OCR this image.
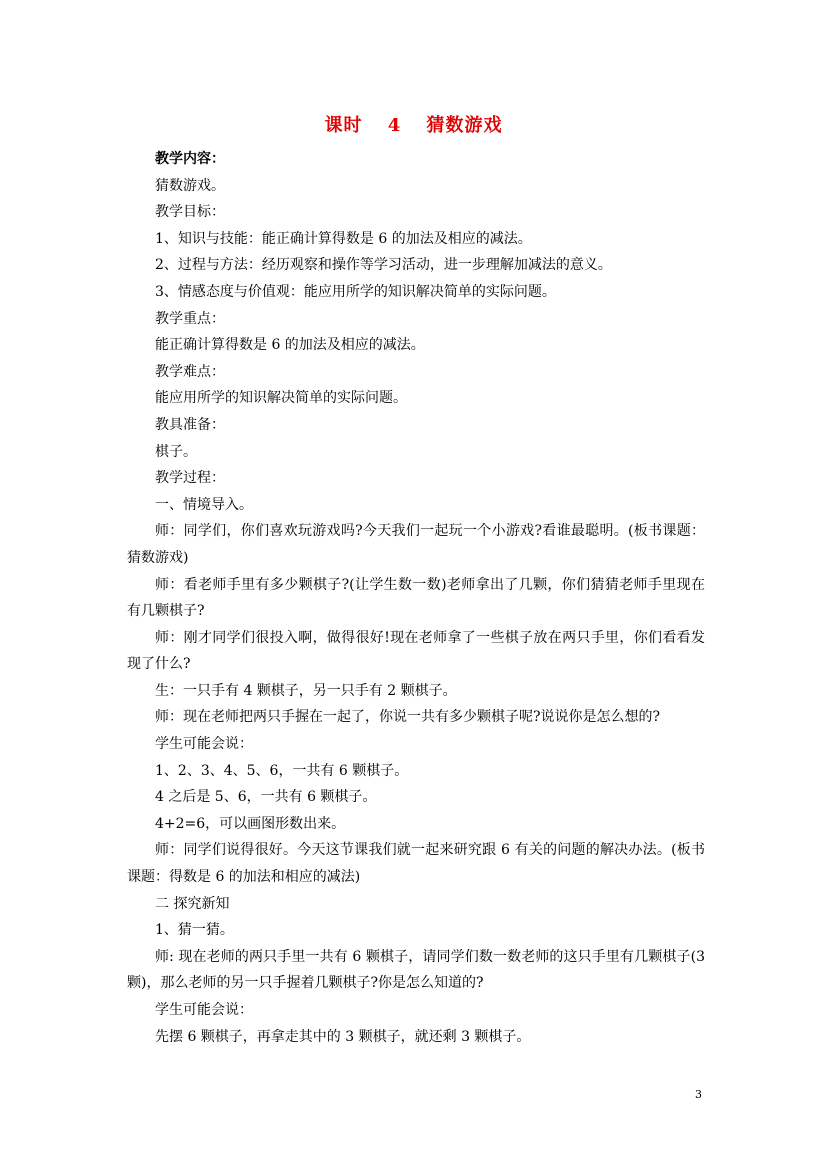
课时 4 猜数游戏

教学内容：

猜数游戏。

教学目标：

1、知识与技能：能正确计算得数是 6 的加法及相应的减法。

2、过程与方法：经历观察和操作等学习活动，进一步理解加减法的意义。

3、情感态度与价值观：能应用所学的知识解决简单的实际问题。

教学重点：

能正确计算得数是 6 的加法及相应的减法。

教学难点：

能应用所学的知识解决简单的实际问题。

教具准备：

棋子。

教学过程：

一、情境导入。

师：同学们，你们喜欢玩游戏吗?今天我们一起玩一个小游戏?看谁最聪明。(板书课题：猜数游戏)

师：看老师手里有多少颗棋子?(让学生数一数)老师拿出了几颗，你们猜猜老师手里现在有几颗棋子?

师：刚才同学们很投入啊，做得很好!现在老师拿了一些棋子放在两只手里，你们看看发现了什么?

生：一只手有 4 颗棋子，另一只手有 2 颗棋子。

师：现在老师把两只手握在一起了，你说一共有多少颗棋子呢?说说你是怎么想的?

学生可能会说：

1、2、3、4、5、6，一共有 6 颗棋子。

4 之后是 5、6，一共有 6 颗棋子。

4+2=6，可以画图形数出来。

师：同学们说得很好。今天这节课我们就一起来研究跟 6 有关的问题的解决办法。(板书课题：得数是 6 的加法和相应的减法)

二 探究新知

1、猜一猜。

师: 现在老师的两只手里一共有 6 颗棋子，请同学们数一数老师的这只手里有几颗棋子(3 颗)，那么老师的另一只手握着几颗棋子?你是怎么知道的?

学生可能会说：

先摆 6 颗棋子，再拿走其中的 3 颗棋子，就还剩 3 颗棋子。

3
